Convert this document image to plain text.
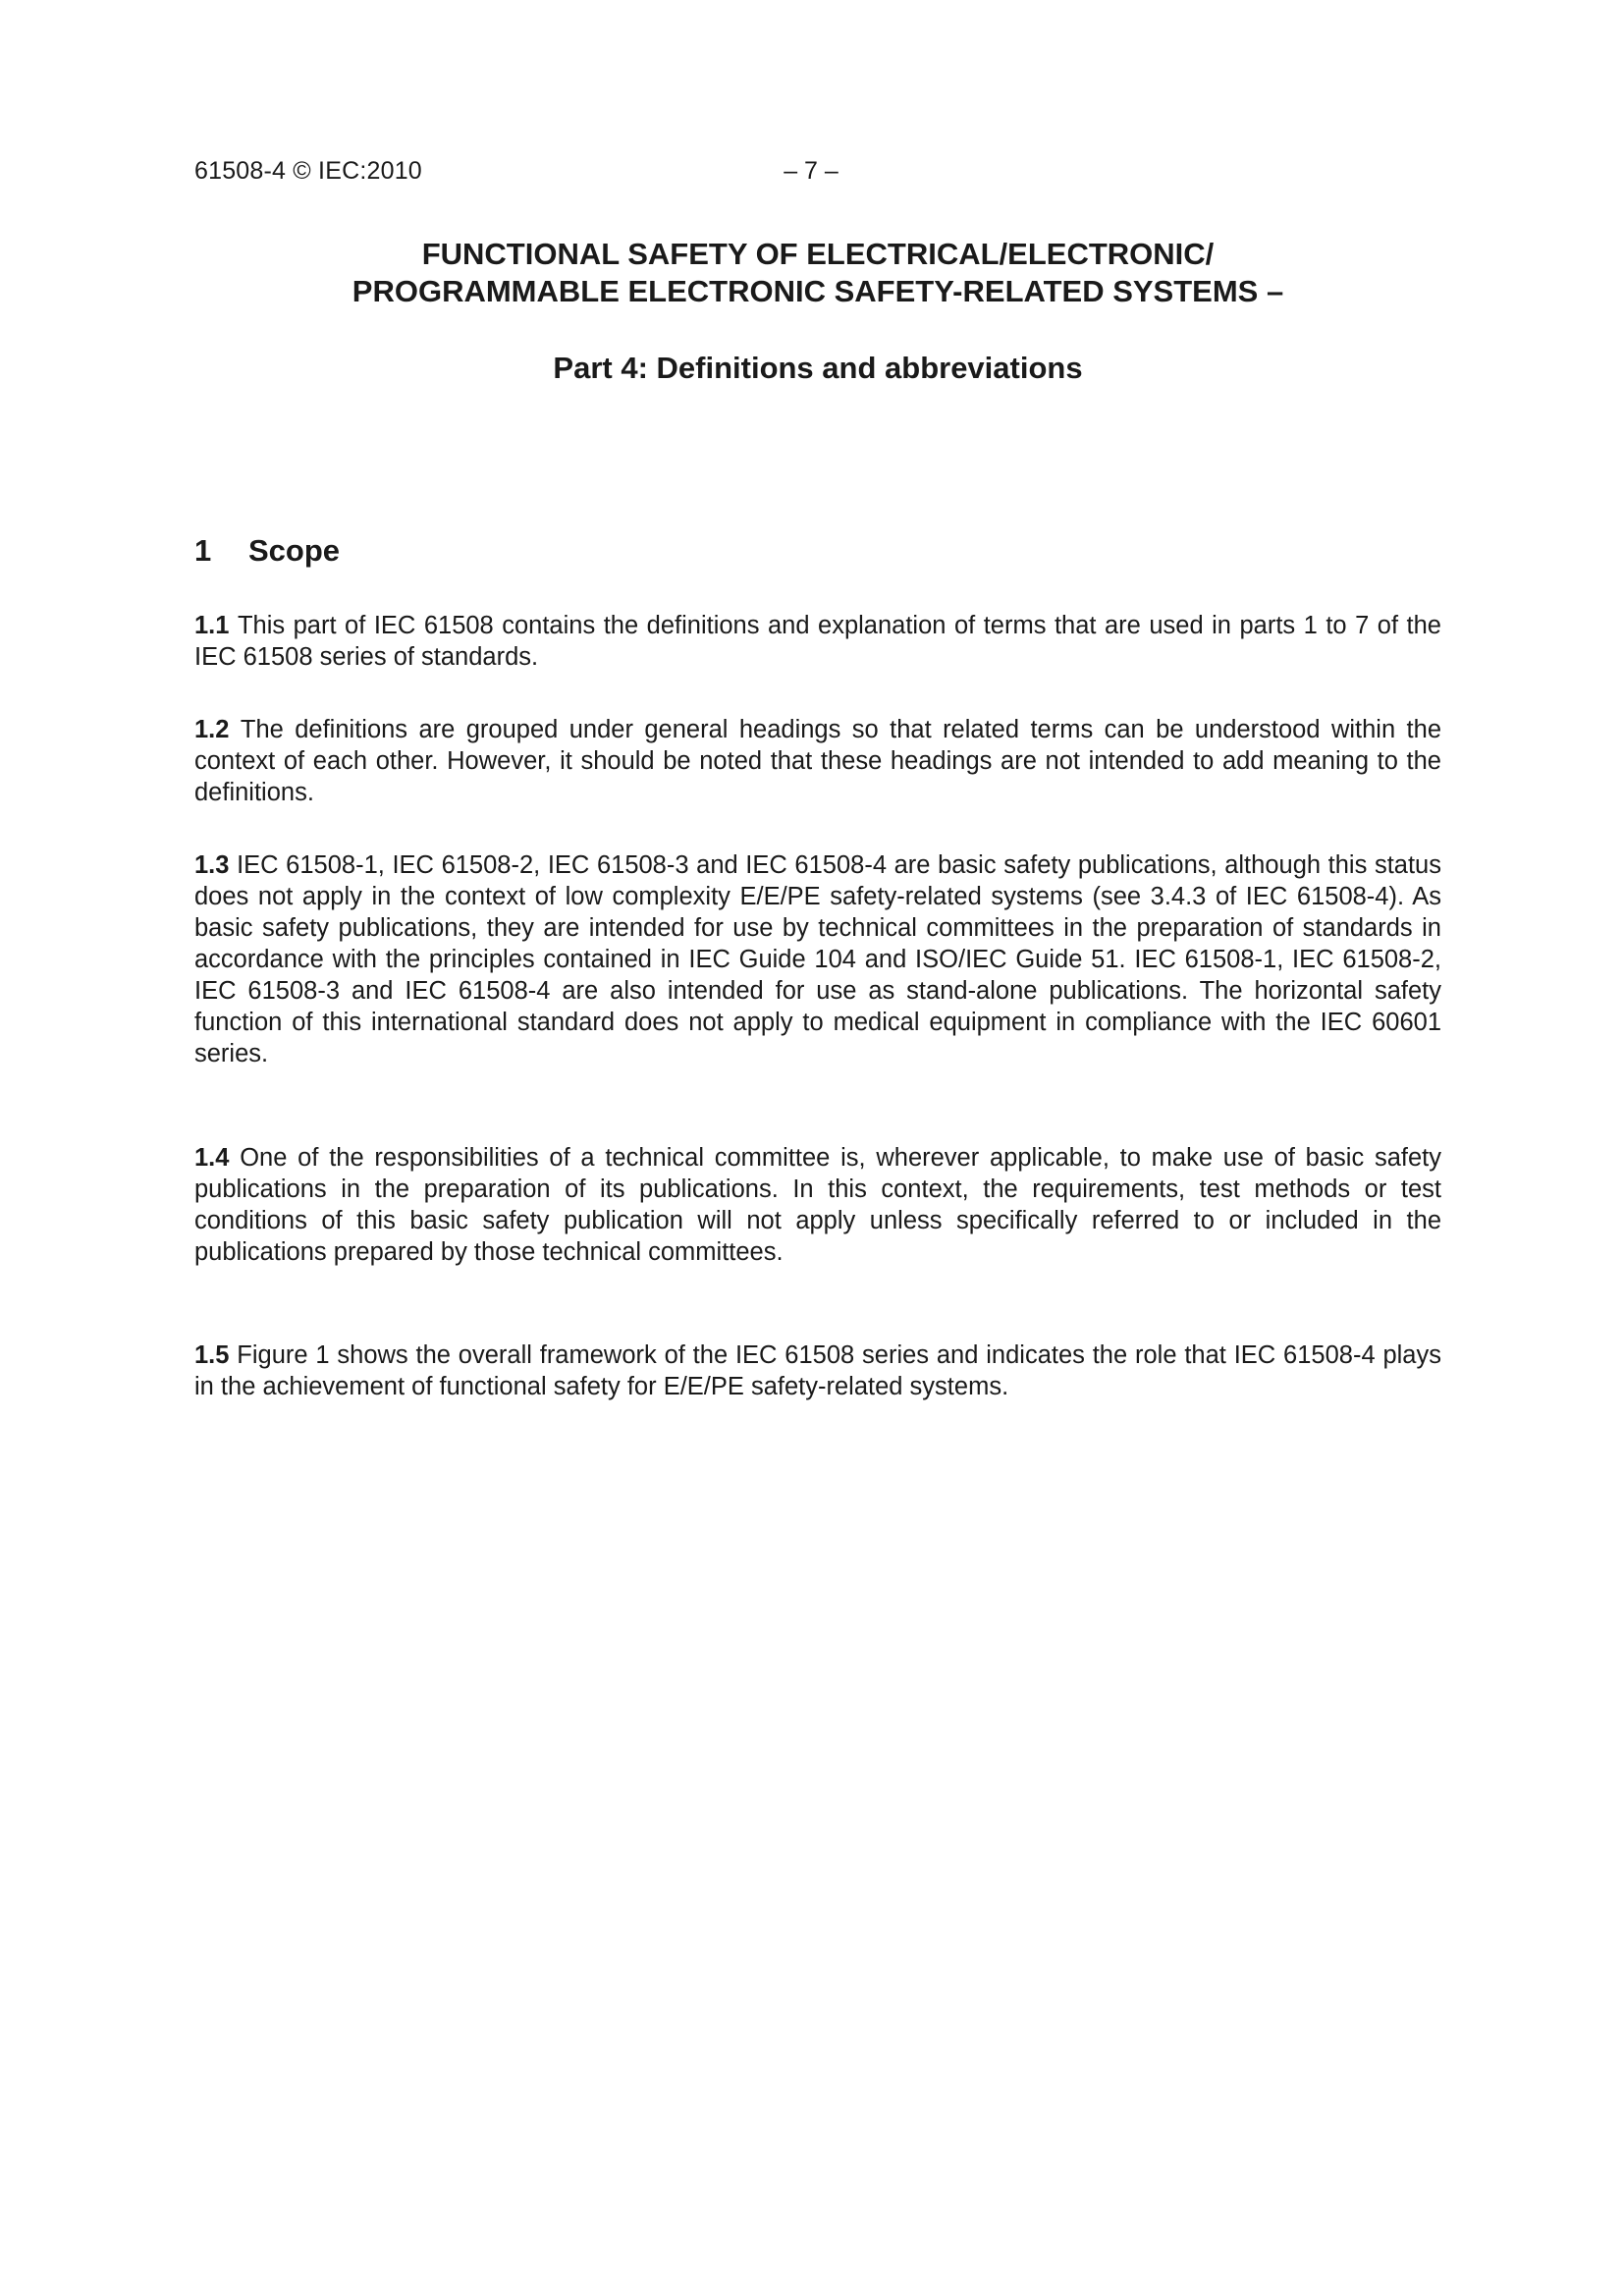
61508-4 © IEC:2010	– 7 –
FUNCTIONAL SAFETY OF ELECTRICAL/ELECTRONIC/
PROGRAMMABLE ELECTRONIC SAFETY-RELATED SYSTEMS –
Part 4: Definitions and abbreviations
1 Scope
1.1 This part of IEC 61508 contains the definitions and explanation of terms that are used in parts 1 to 7 of the IEC 61508 series of standards.
1.2 The definitions are grouped under general headings so that related terms can be understood within the context of each other. However, it should be noted that these headings are not intended to add meaning to the definitions.
1.3 IEC 61508-1, IEC 61508-2, IEC 61508-3 and IEC 61508-4 are basic safety publications, although this status does not apply in the context of low complexity E/E/PE safety-related systems (see 3.4.3 of IEC 61508-4). As basic safety publications, they are intended for use by technical committees in the preparation of standards in accordance with the principles contained in IEC Guide 104 and ISO/IEC Guide 51. IEC 61508-1, IEC 61508-2, IEC 61508-3 and IEC 61508-4 are also intended for use as stand-alone publications. The horizontal safety function of this international standard does not apply to medical equipment in compliance with the IEC 60601 series.
1.4 One of the responsibilities of a technical committee is, wherever applicable, to make use of basic safety publications in the preparation of its publications. In this context, the requirements, test methods or test conditions of this basic safety publication will not apply unless specifically referred to or included in the publications prepared by those technical committees.
1.5 Figure 1 shows the overall framework of the IEC 61508 series and indicates the role that IEC 61508-4 plays in the achievement of functional safety for E/E/PE safety-related systems.
